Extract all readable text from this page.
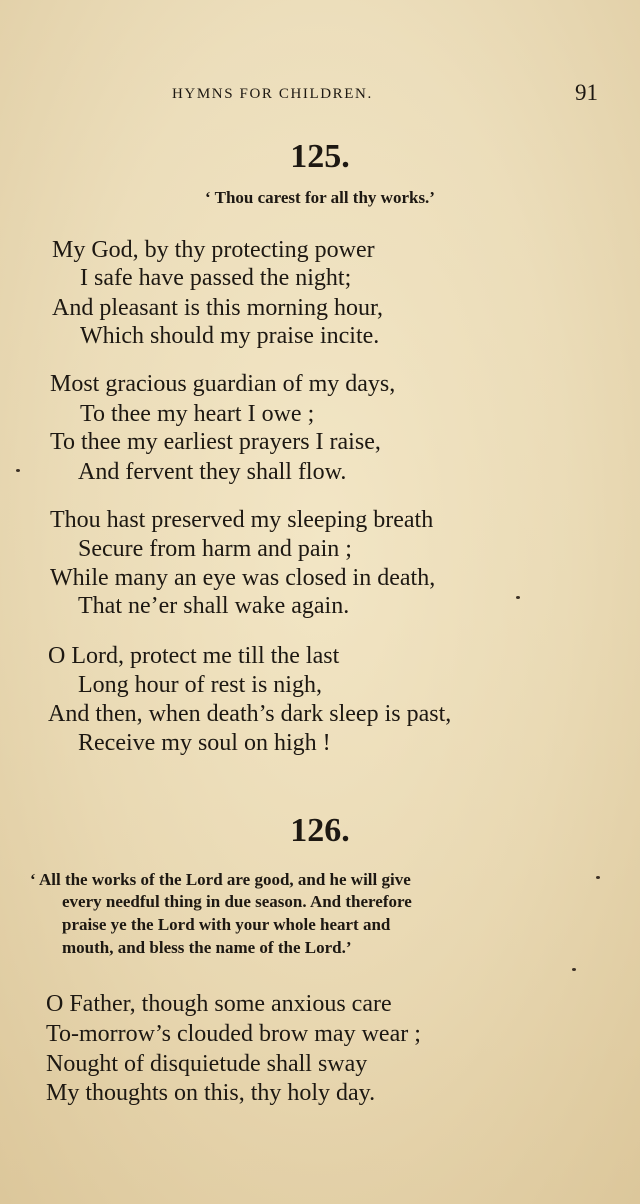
HYMNS FOR CHILDREN.	91
125.
‘ Thou carest for all thy works.’
My God, by thy protecting power
I safe have passed the night;
And pleasant is this morning hour,
Which should my praise incite.
Most gracious guardian of my days,
To thee my heart I owe ;
To thee my earliest prayers I raise,
And fervent they shall flow.
Thou hast preserved my sleeping breath
Secure from harm and pain ;
While many an eye was closed in death,
That ne’er shall wake again.
O Lord, protect me till the last
Long hour of rest is nigh,
And then, when death’s dark sleep is past,
Receive my soul on high !
126.
‘ All the works of the Lord are good, and he will give
every needful thing in due season. And therefore
praise ye the Lord with your whole heart and
mouth, and bless the name of the Lord.’
O Father, though some anxious care
To-morrow’s clouded brow may wear ;
Nought of disquietude shall sway
My thoughts on this, thy holy day.
